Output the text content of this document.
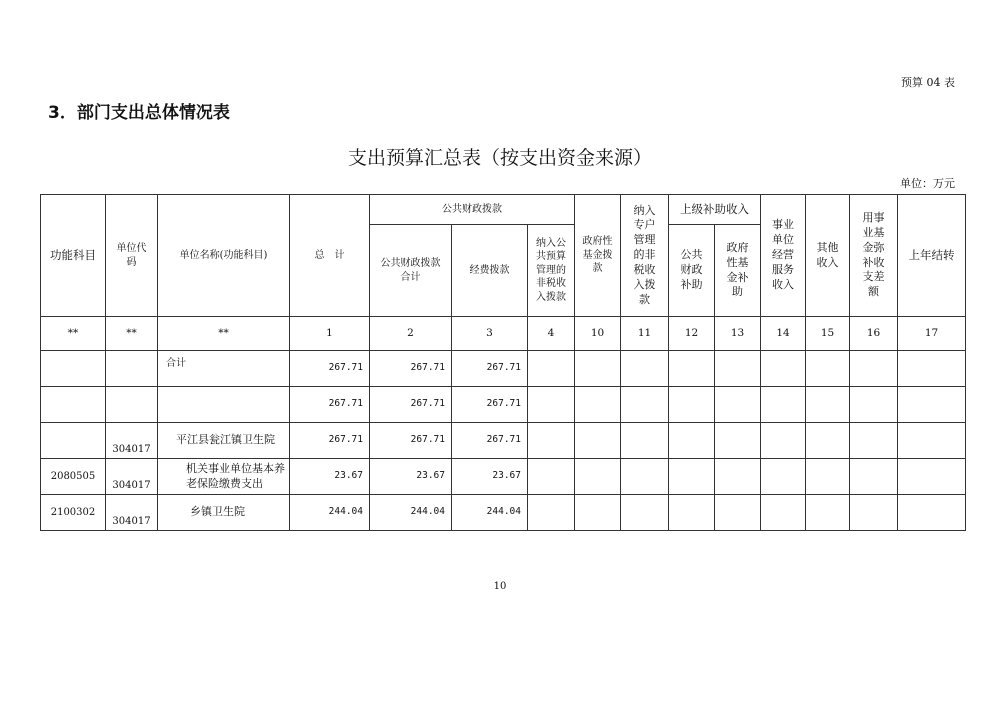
预算 04 表
3．部门支出总体情况表
支出预算汇总表（按支出资金来源）
单位：万元
功能科目	单位代码	单位名称(功能科目)	总　计	公共财政拨款			政府性基金拨款	纳入专户管理的非税收入拨款	上级补助收入		事业单位经营服务收入	其他收入	用事业基金弥补收支差额	上年结转
				公共财政拨款合计	经费拨款	纳入公共预算管理的非税收入拨款			公共财政补助	政府性基金补助				
**	**	**	1	2	3	4	10	11	12	13	14	15	16	17
		合计	267.71	267.71	267.71									
			267.71	267.71	267.71									
	304017	平江县瓮江镇卫生院	267.71	267.71	267.71									
2080505	304017	机关事业单位基本养老保险缴费支出	23.67	23.67	23.67									
2100302	304017	乡镇卫生院	244.04	244.04	244.04									
10
